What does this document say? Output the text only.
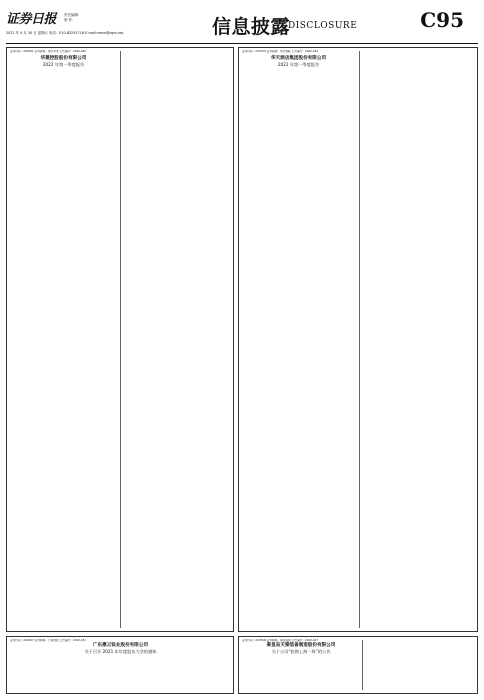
证券日报 责任编辑：
制 作：
2022 年 4 月 30 日 星期六 电话：010-83251716 E-mail:zmzx@zqrb.net	信息披露
DISCLOSURE	C95
证券代码：002631 证券简称：德尔未来 公告编号：2022-040
华菱控股股份有限公司
2022 年第一季度报告
证券代码：002010 证券简称：传化智联 公告编号：2022-034
华天酒店集团股份有限公司
2022 年第一季度报告
证券代码：002647 证券简称：仁东控股 公告编号：2022-031
广东惠云钛业股份有限公司
关于召开 2021 年年度股东大会的通知
证券代码：603518 证券简称：锦泓集团 公告编号：2022-027
秦皇岛天秦装备制造股份有限公司
关于公司“收购上海一致”的公告
